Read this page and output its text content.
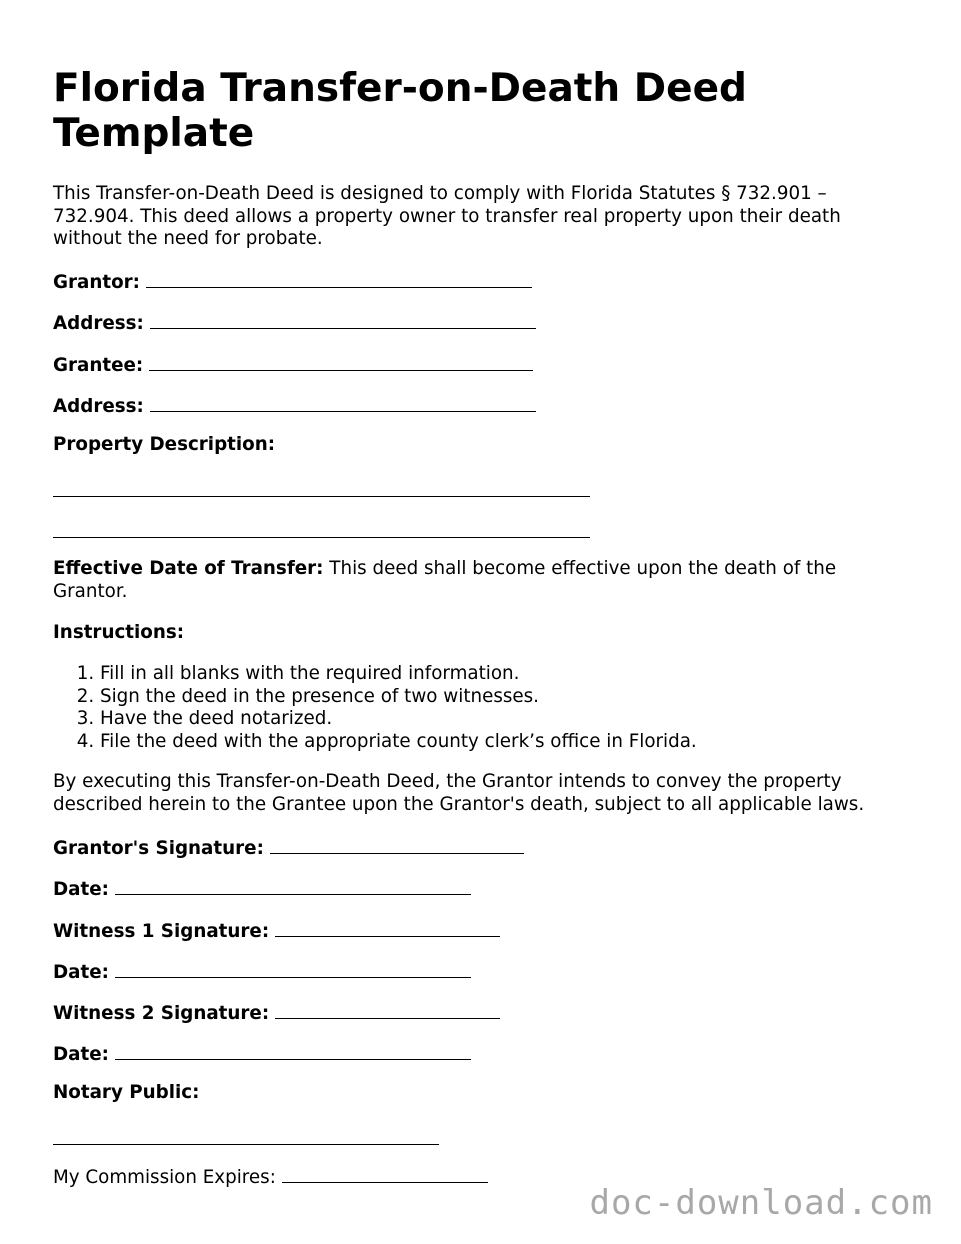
Florida Transfer-on-Death Deed Template

This Transfer-on-Death Deed is designed to comply with Florida Statutes § 732.901 – 732.904. This deed allows a property owner to transfer real property upon their death without the need for probate.

Grantor:
Address:
Grantee:
Address:
Property Description:

Effective Date of Transfer: This deed shall become effective upon the death of the Grantor.

Instructions:
1. Fill in all blanks with the required information.
2. Sign the deed in the presence of two witnesses.
3. Have the deed notarized.
4. File the deed with the appropriate county clerk’s office in Florida.

By executing this Transfer-on-Death Deed, the Grantor intends to convey the property described herein to the Grantee upon the Grantor's death, subject to all applicable laws.

Grantor's Signature:
Date:
Witness 1 Signature:
Date:
Witness 2 Signature:
Date:
Notary Public:
My Commission Expires:
doc-download.com
